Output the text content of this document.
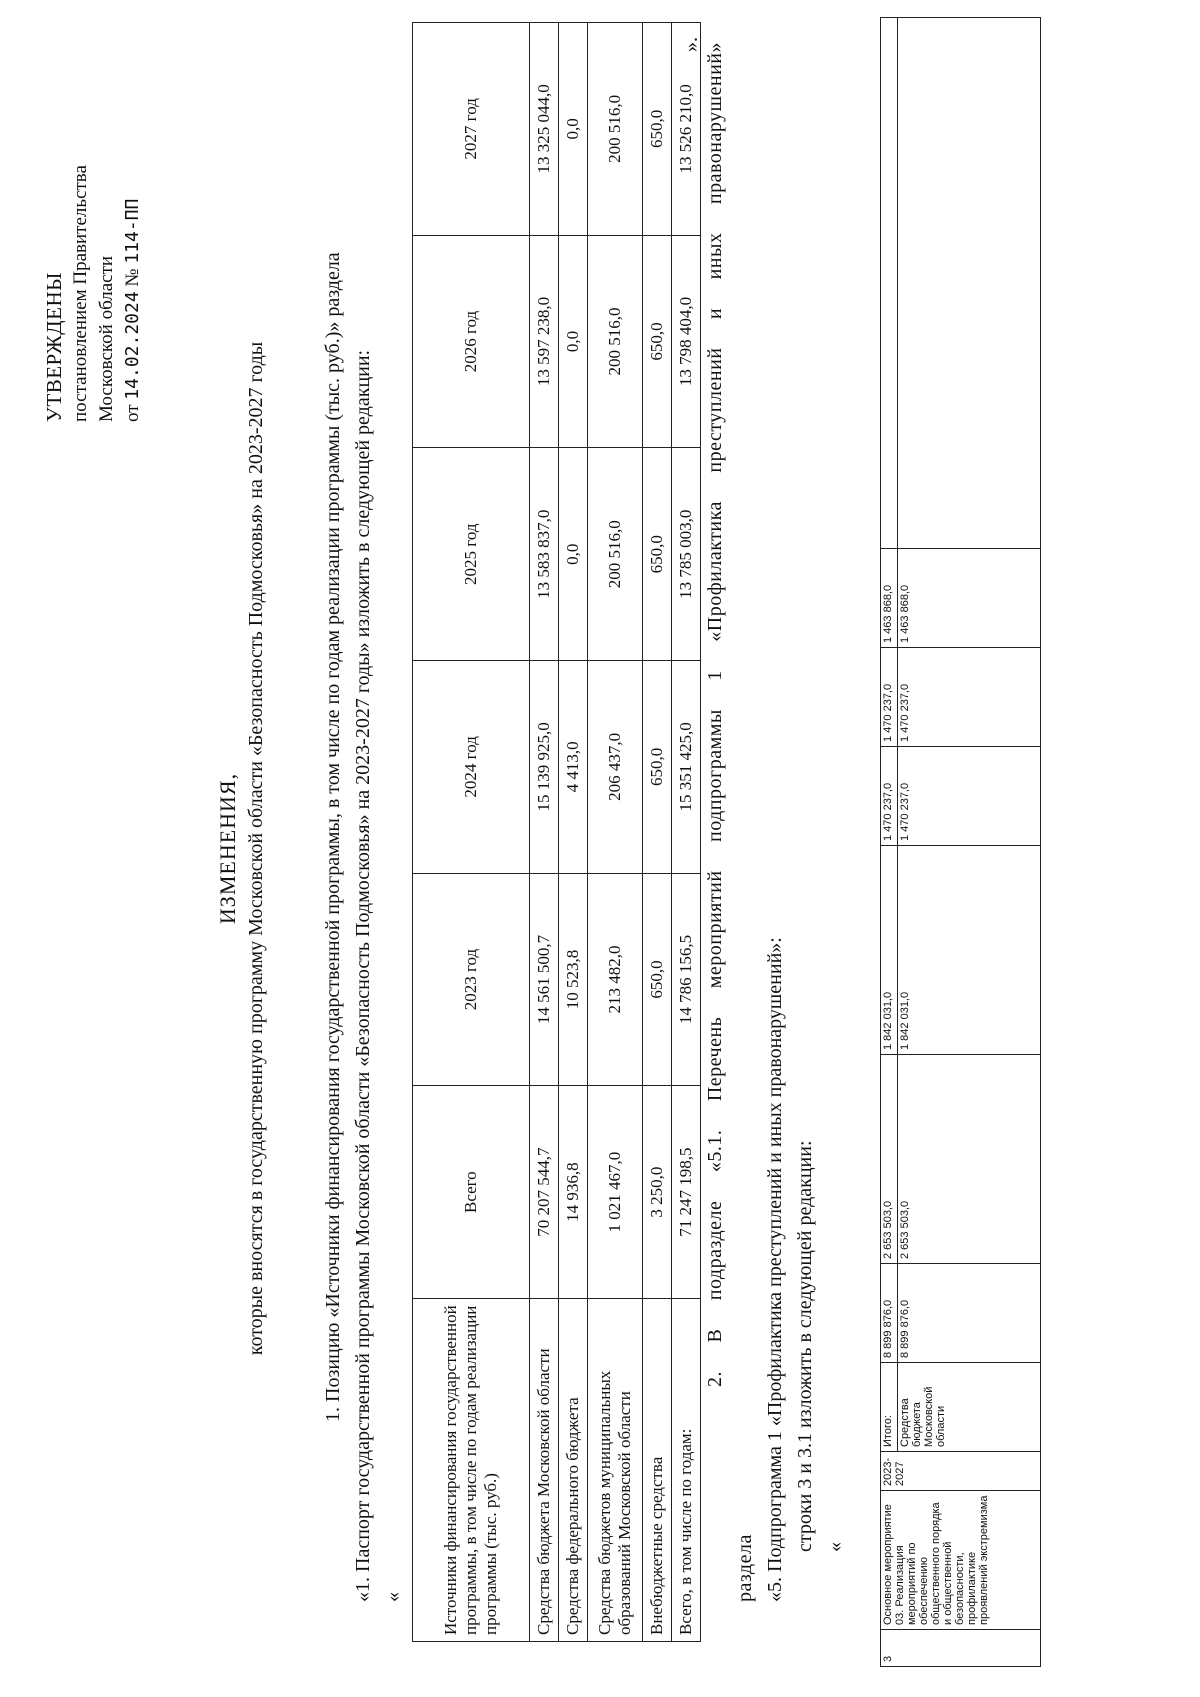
УТВЕРЖДЕНЫ постановлением Правительства Московской области от 14.02.2024 № 114-ПП
ИЗМЕНЕНИЯ, которые вносятся в государственную программу Московской области «Безопасность Подмосковья» на 2023-2027 годы	1. Позицию «Источники финансирования государственной программы, в том числе по годам реализации программы (тыс. руб.)» раздела «1. Паспорт государственной программы Московской области «Безопасность Подмосковья» на 2023-2027 годы» изложить в следующей редакции: « Источники финансирования государственной программы, в том числе по годам реализации программы (тыс. руб.)	Всего	2023 год	2024 год	2025 год	2026 год	2027 год
Средства бюджета Московской области	70 207 544,7	14 561 500,7	15 139 925,0	13 583 837,0	13 597 238,0	13 325 044,0
Средства федерального бюджета	14 936,8	10 523,8	4 413,0	0,0	0,0	0,0
Средства бюджетов муниципальных образований Московской области	1 021 467,0	213 482,0	206 437,0	200 516,0	200 516,0	200 516,0
Внебюджетные средства	3 250,0	650,0	650,0	650,0	650,0	650,0
Всего, в том числе по годам:	71 247 198,5	14 786 156,5	15 351 425,0	13 785 003,0	13 798 404,0	13 526 210,0
». 2. В подразделе «5.1. Перечень мероприятий подпрограммы 1 «Профилактика преступлений и иных правонарушений» раздела «5. Подпрограмма 1 «Профилактика преступлений и иных правонарушений»: строки 3 и 3.1 изложить в следующей редакции: «
3	Основное мероприятие 03. Реализация мероприятий по обеспечению общественного порядка и общественной безопасности, профилактике проявлений экстремизма	2023-2027	Итого:	8 899 876,0	2 653 503,0	1 842 031,0	1 470 237,0	1 470 237,0	1 463 868,0	
			Средства бюджета Московской области	8 899 876,0	2 653 503,0	1 842 031,0	1 470 237,0	1 470 237,0	1 463 868,0	
